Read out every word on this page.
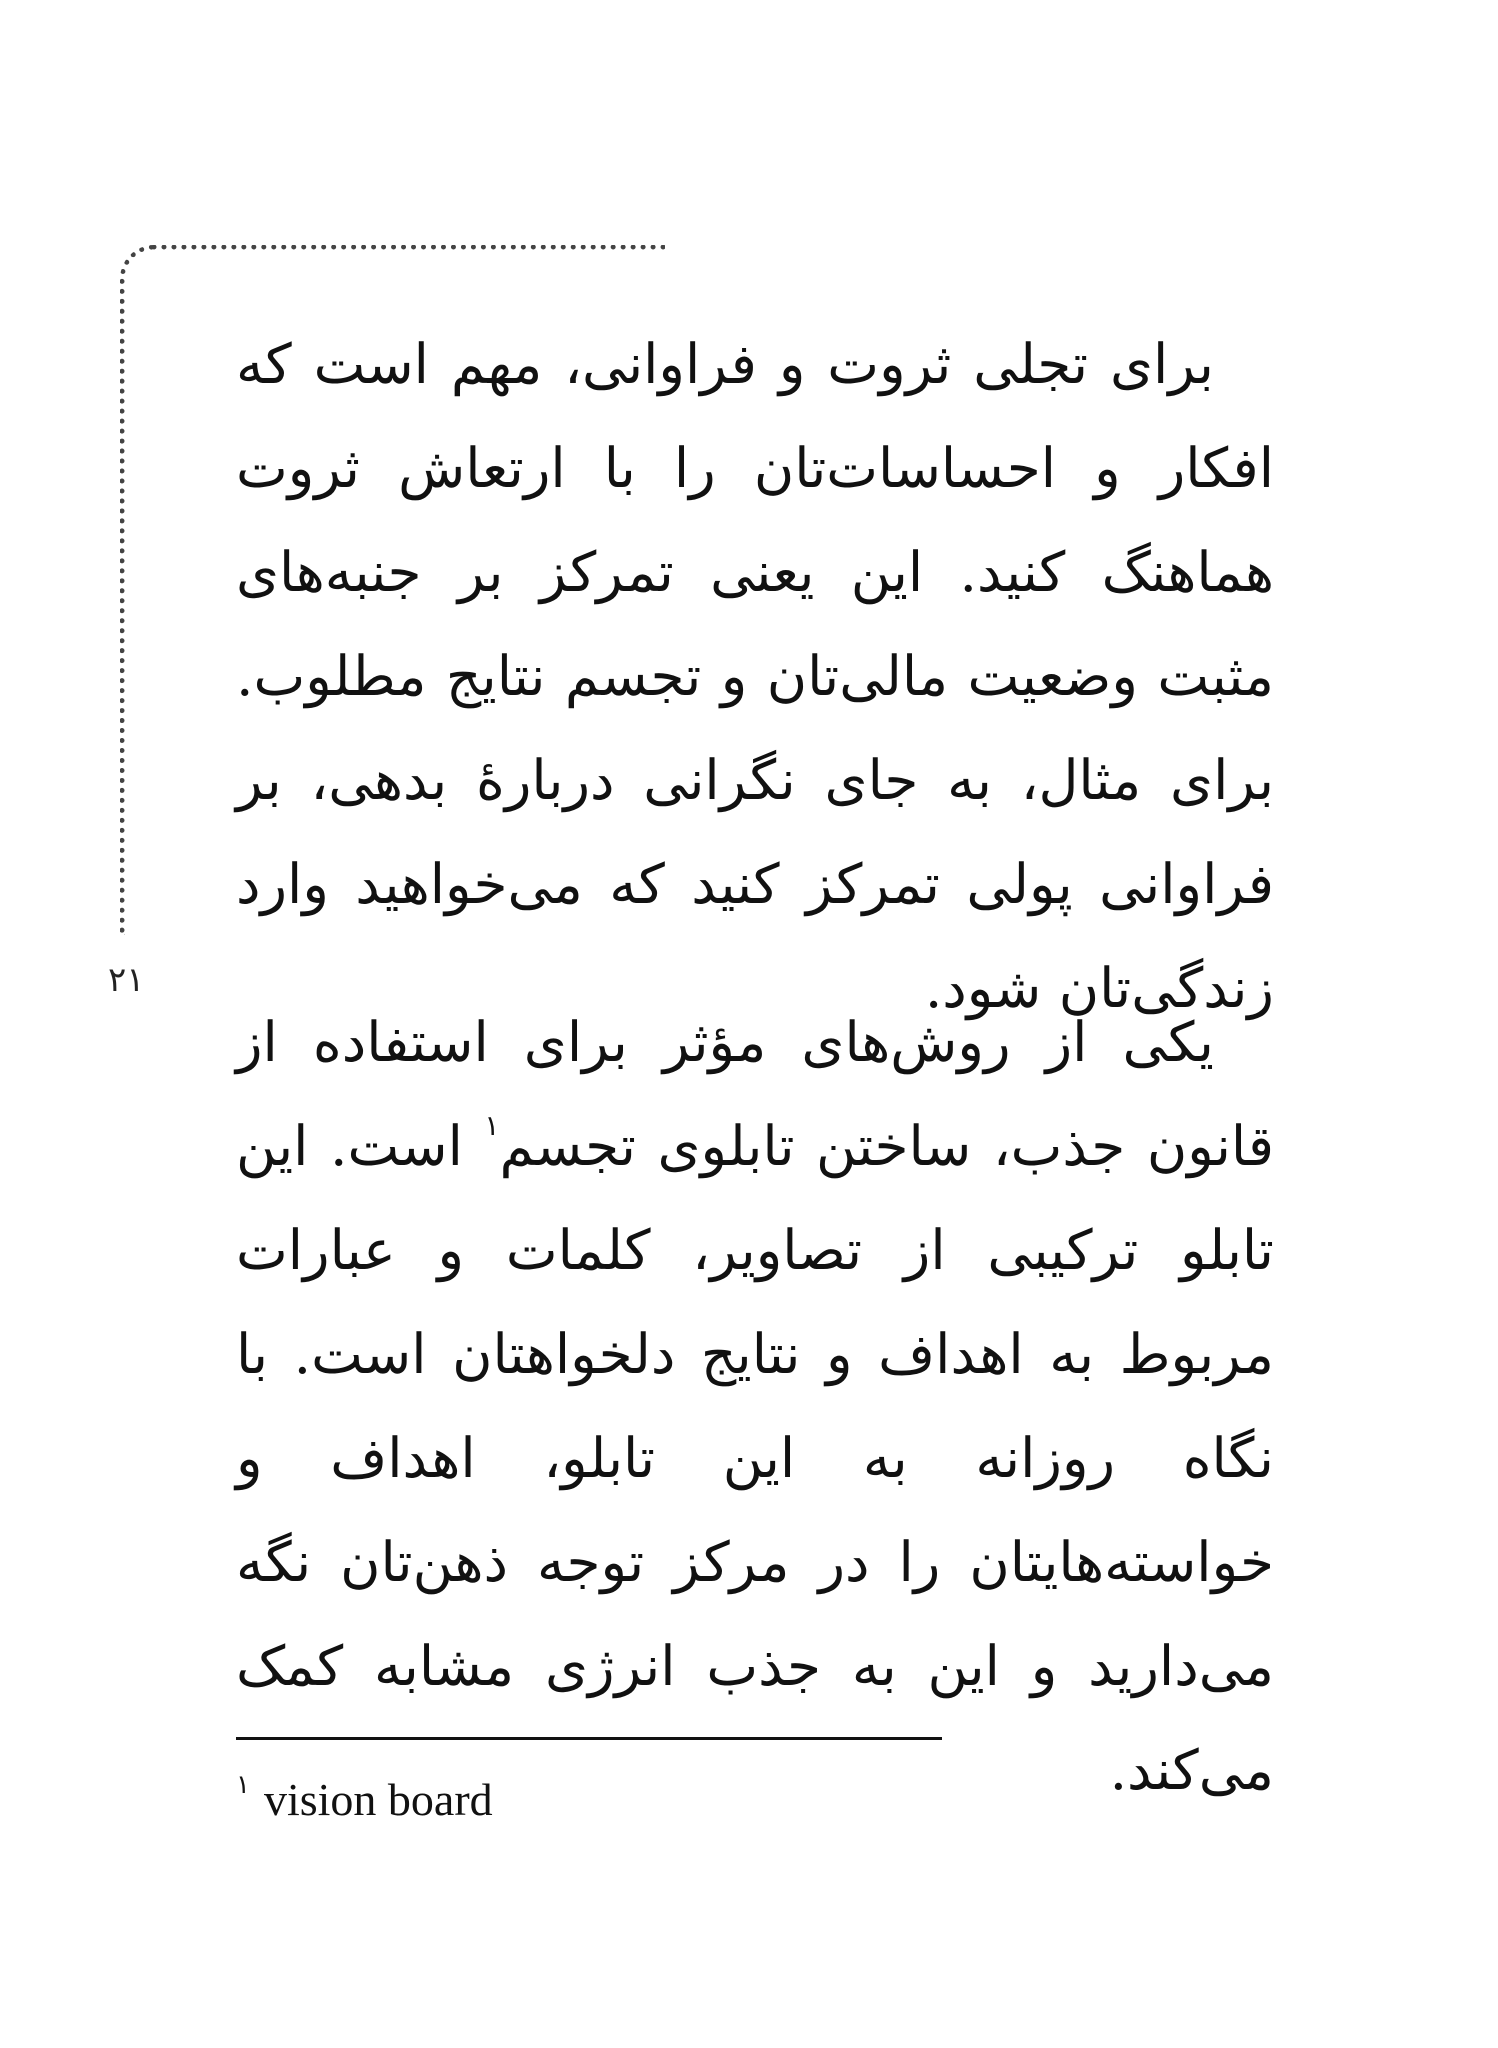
۲۱

برای تجلی ثروت و فراوانی، مهم است که افکار و احساسات‌تان را با ارتعاش ثروت هماهنگ کنید. این یعنی تمرکز بر جنبه‌های مثبت وضعیت مالی‌تان و تجسم نتایج مطلوب. برای مثال، به جای نگرانی دربارهٔ بدهی، بر فراوانی پولی تمرکز کنید که می‌خواهید وارد زندگی‌تان شود.

یکی از روش‌های مؤثر برای استفاده از قانون جذب، ساختن تابلوی تجسم$^۱$ است. این تابلو ترکیبی از تصاویر، کلمات و عبارات مربوط به اهداف و نتایج دلخواهتان است. با نگاه روزانه به این تابلو، اهداف و خواسته‌هایتان را در مرکز توجه ذهن‌تان نگه می‌دارید و این به جذب انرژی مشابه کمک می‌کند.

$^۱$ vision board
